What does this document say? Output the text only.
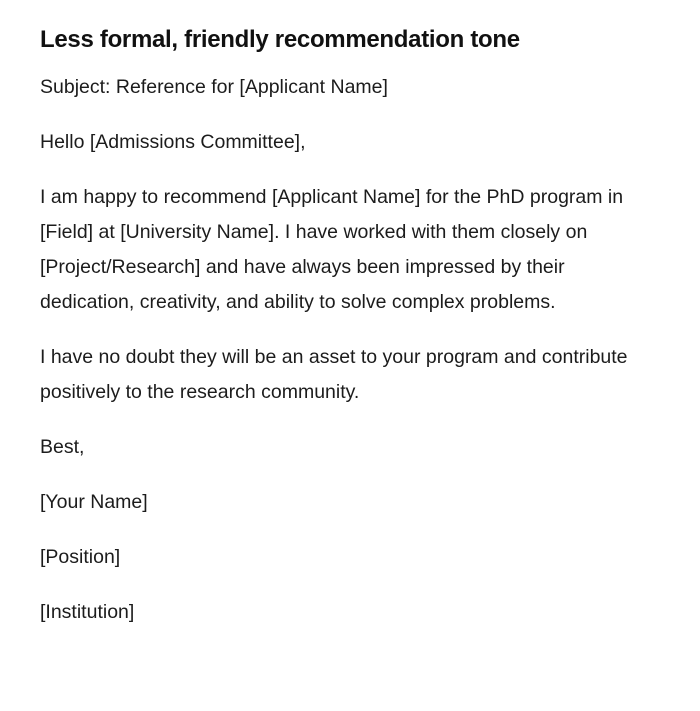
Less formal, friendly recommendation tone

Subject: Reference for [Applicant Name]

Hello [Admissions Committee],

I am happy to recommend [Applicant Name] for the PhD program in [Field] at [University Name]. I have worked with them closely on [Project/Research] and have always been impressed by their dedication, creativity, and ability to solve complex problems.

I have no doubt they will be an asset to your program and contribute positively to the research community.

Best,

[Your Name]

[Position]

[Institution]
